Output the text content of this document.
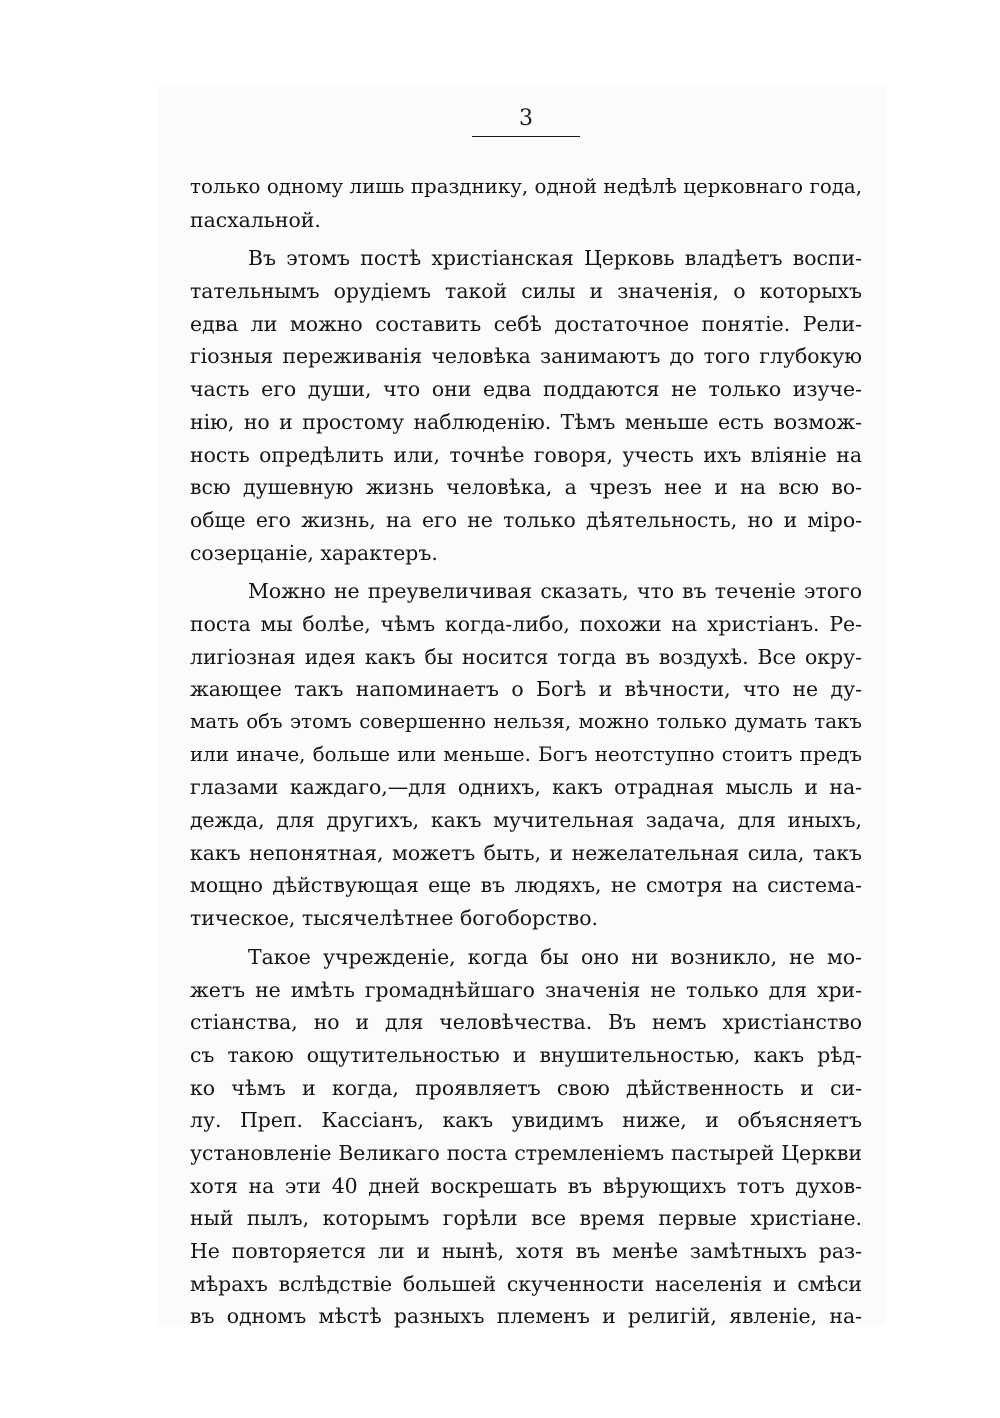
3
только одному лишь празднику, одной недѣлѣ церковнаго года,
пасхальной.
Въ этомъ постѣ христіанская Церковь владѣетъ воспи-
тательнымъ орудіемъ такой силы и значенія, о которыхъ
едва ли можно составить себѣ достаточное понятіе. Рели-
гіозныя переживанія человѣка занимаютъ до того глубокую
часть его души, что они едва поддаются не только изуче-
нію, но и простому наблюденію. Тѣмъ меньше есть возмож-
ность опредѣлить или, точнѣе говоря, учесть ихъ вліяніе на
всю душевную жизнь человѣка, а чрезъ нее и на всю во-
обще его жизнь, на его не только дѣятельность, но и міро-
созерцаніе, характеръ.
Можно не преувеличивая сказать, что въ теченіе этого
поста мы болѣе, чѣмъ когда-либо, похожи на христіанъ. Ре-
лигіозная идея какъ бы носится тогда въ воздухѣ. Все окру-
жающее такъ напоминаетъ о Богѣ и вѣчности, что не ду-
мать объ этомъ совершенно нельзя, можно только думать такъ
или иначе, больше или меньше. Богъ неотступно стоитъ предъ
глазами каждаго,—для однихъ, какъ отрадная мысль и на-
дежда, для другихъ, какъ мучительная задача, для иныхъ,
какъ непонятная, можетъ быть, и нежелательная сила, такъ
мощно дѣйствующая еще въ людяхъ, не смотря на система-
тическое, тысячелѣтнее богоборство.
Такое учрежденіе, когда бы оно ни возникло, не мо-
жетъ не имѣть громаднѣйшаго значенія не только для хри-
стіанства, но и для человѣчества. Въ немъ христіанство
съ такою ощутительностью и внушительностью, какъ рѣд-
ко чѣмъ и когда, проявляетъ свою дѣйственность и си-
лу. Преп. Кассіанъ, какъ увидимъ ниже, и объясняетъ
установленіе Великаго поста стремленіемъ пастырей Церкви
хотя на эти 40 дней воскрешать въ вѣрующихъ тотъ духов-
ный пылъ, которымъ горѣли все время первые христіане.
Не повторяется ли и нынѣ, хотя въ менѣе замѣтныхъ раз-
мѣрахъ вслѣдствіе большей скученности населенія и смѣси
въ одномъ мѣстѣ разныхъ племенъ и религій, явленіе, на-
